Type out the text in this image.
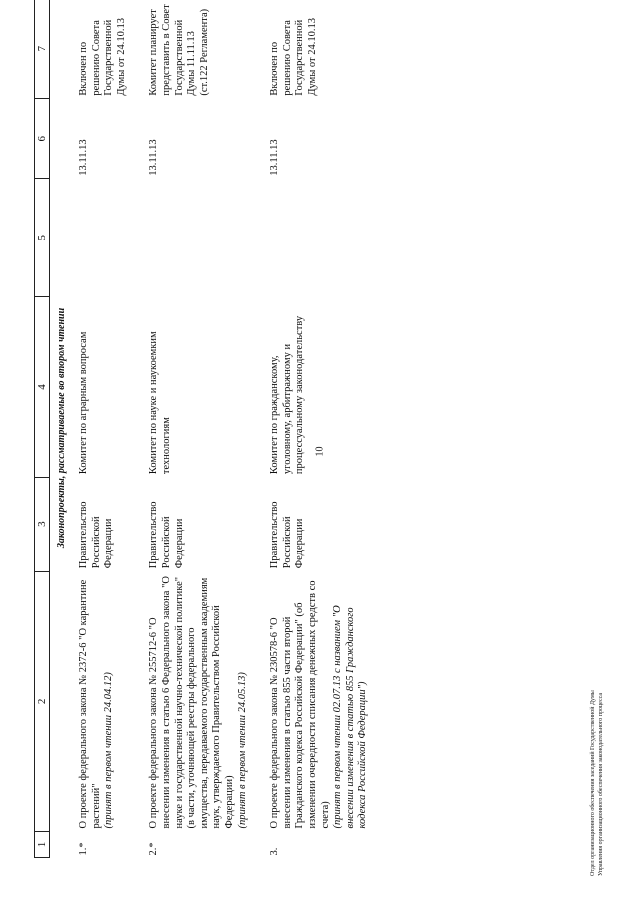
10
1	2	3	4	5	6	7
Законопроекты, рассматриваемые во втором чтении						
1.*	О проекте федерального закона № 2372-6 "О карантине растений" (принят в первом чтении 24.04.12)	Правительство Российской Федерации	Комитет по аграрным вопросам		13.11.13	Включен по решению Совета Государственной Думы от 24.10.13
2.*	О проекте федерального закона № 255712-6 "О внесении изменения в статью 6 Федерального закона "О науке и государственной научно-технической политике" (в части, уточняющей реестры федерального имущества, передаваемого государственным академиям наук, утверждаемого Правительством Российской Федерации) (принят в первом чтении 24.05.13)	Правительство Российской Федерации	Комитет по науке и наукоемким технологиям		13.11.13	Комитет планирует представить в Совет Государственной Думы 11.11.13 (ст.122 Регламента)
3.	О проекте федерального закона № 230578-6 "О внесении изменения в статью 855 части второй Гражданского кодекса Российской Федерации" (об изменении очередности списания денежных средств со счета) (принят в первом чтении 02.07.13 с названием "О внесении изменения в статью 855 Гражданского кодекса Российской Федерации")	Правительство Российской Федерации	Комитет по гражданскому, уголовному, арбитражному и процессуальному законодательству		13.11.13	Включен по решению Совета Государственной Думы от 24.10.13
Отдел организационного обеспечения заседаний Государственной Думы Управления организационного обеспечения законодательного процесса
